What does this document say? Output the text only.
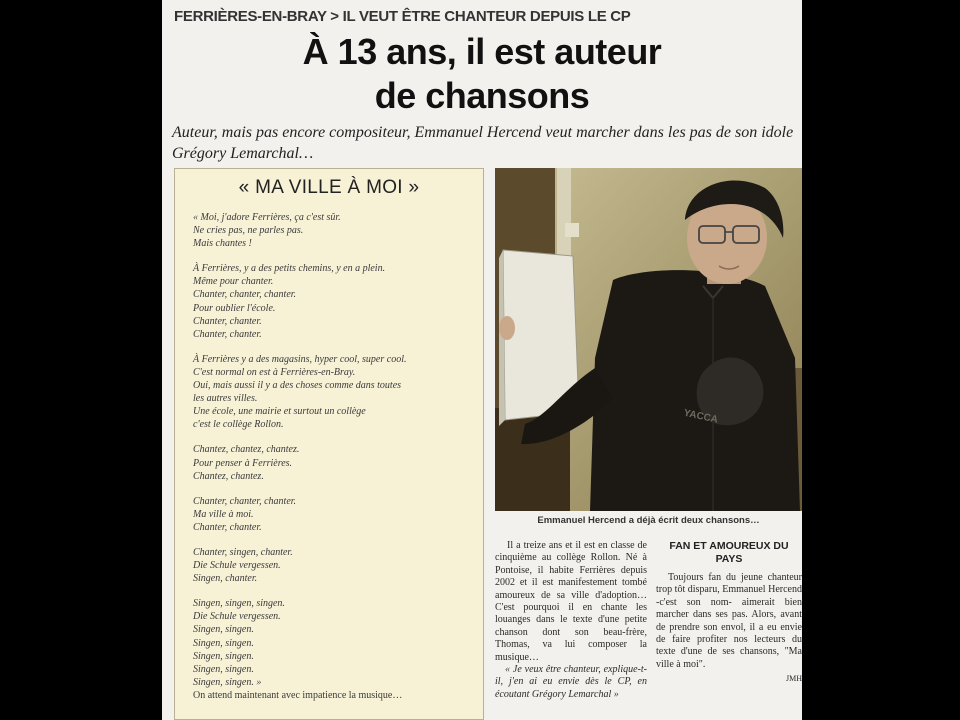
FERRIÈRES-EN-BRAY > IL VEUT ÊTRE CHANTEUR DEPUIS LE CP
À 13 ans, il est auteur
de chansons
Auteur, mais pas encore compositeur, Emmanuel Hercend veut marcher dans les pas de son idole Grégory Lemarchal…
« MA VILLE À MOI »
« Moi, j'adore Ferrières, ça c'est sûr.
Ne cries pas, ne parles pas.
Mais chantes !
À Ferrières, y a des petits chemins, y en a plein.
Même pour chanter.
Chanter, chanter, chanter.
Pour oublier l'école.
Chanter, chanter.
Chanter, chanter.
À Ferrières y a des magasins, hyper cool, super cool.
C'est normal on est à Ferrières-en-Bray.
Oui, mais aussi il y a des choses comme dans toutes
les autres villes.
Une école, une mairie et surtout un collège
c'est le collège Rollon.
Chantez, chantez, chantez.
Pour penser à Ferrières.
Chantez, chantez.
Chanter, chanter, chanter.
Ma ville à moi.
Chanter, chanter.
Chanter, singen, chanter.
Die Schule vergessen.
Singen, chanter.
Singen, singen, singen.
Die Schule vergessen.
Singen, singen.
Singen, singen.
Singen, singen.
Singen, singen.
Singen, singen. »
On attend maintenant avec impatience la musique…
YACCA
Emmanuel Hercend a déjà écrit deux chansons…

Il a treize ans et il est en classe de cinquième au collège Rollon. Né à Pontoise, il habite Ferrières depuis 2002 et il est manifestement tombé amoureux de sa ville d'adoption… C'est pourquoi il en chante les louanges dans le texte d'une petite chanson dont son beau-frère, Thomas, va lui composer la musique…

« Je veux être chanteur, explique-t-il, j'en ai eu envie dès le CP, en écoutant Grégory Lemarchal »

FAN ET AMOUREUX DU PAYS

Toujours fan du jeune chanteur trop tôt disparu, Emmanuel Hercend -c'est son nom- aimerait bien marcher dans ses pas. Alors, avant de prendre son envol, il a eu envie de faire profiter nos lecteurs du texte d'une de ses chansons, "Ma ville à moi".

JMH
